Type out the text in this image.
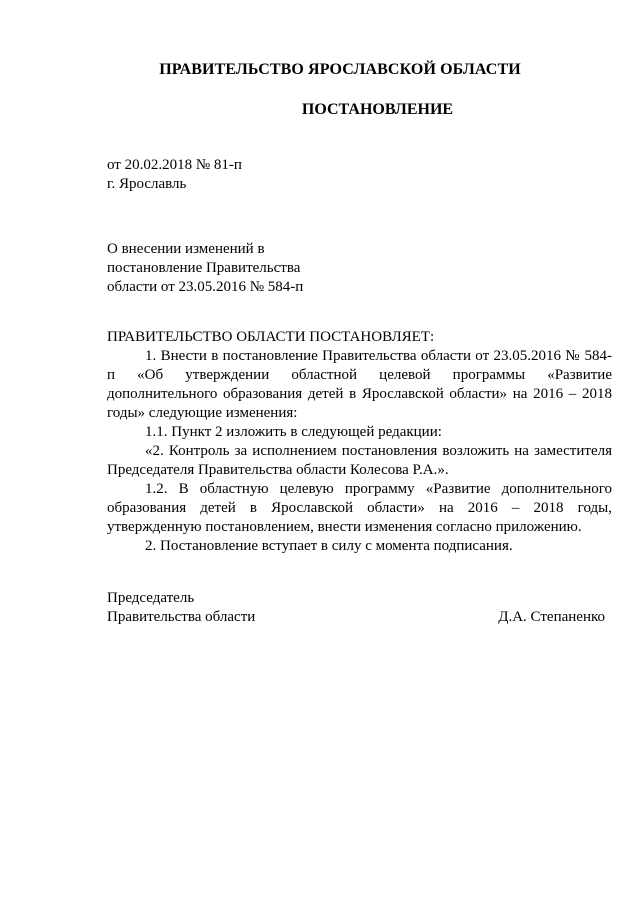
ПРАВИТЕЛЬСТВО ЯРОСЛАВСКОЙ ОБЛАСТИ
ПОСТАНОВЛЕНИЕ
от 20.02.2018 № 81-п
г. Ярославль
О внесении изменений в
постановление Правительства
области от 23.05.2016 № 584-п
ПРАВИТЕЛЬСТВО ОБЛАСТИ ПОСТАНОВЛЯЕТ:

1. Внести в постановление Правительства области от 23.05.2016 № 584-п «Об утверждении областной целевой программы «Развитие дополнительного образования детей в Ярославской области» на 2016 – 2018 годы» следующие изменения:

1.1. Пункт 2 изложить в следующей редакции:

«2. Контроль за исполнением постановления возложить на заместителя Председателя Правительства области Колесова Р.А.».

1.2. В областную целевую программу «Развитие дополнительного образования детей в Ярославской области» на 2016 – 2018 годы, утвержденную постановлением, внести изменения согласно приложению.

2. Постановление вступает в силу с момента подписания.

Председатель
Правительства области	Д.А. Степаненко
